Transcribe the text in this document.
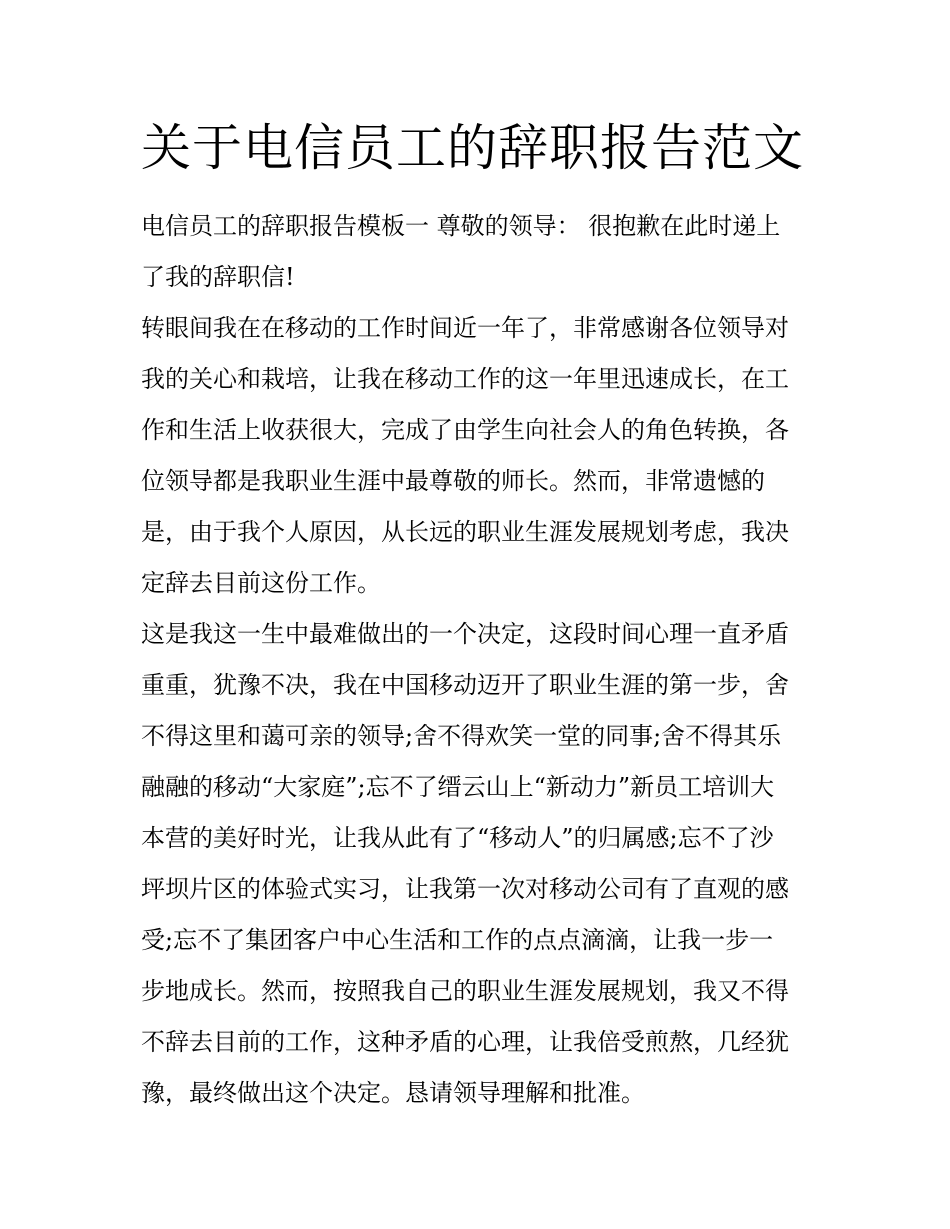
关于电信员工的辞职报告范文

电信员工的辞职报告模板一 尊敬的领导： 很抱歉在此时递上
了我的辞职信!

转眼间我在在移动的工作时间近一年了，非常感谢各位领导对
我的关心和栽培，让我在移动工作的这一年里迅速成长，在工
作和生活上收获很大，完成了由学生向社会人的角色转换，各
位领导都是我职业生涯中最尊敬的师长。然而，非常遗憾的
是，由于我个人原因，从长远的职业生涯发展规划考虑，我决
定辞去目前这份工作。

这是我这一生中最难做出的一个决定，这段时间心理一直矛盾
重重，犹豫不决，我在中国移动迈开了职业生涯的第一步，舍
不得这里和蔼可亲的领导;舍不得欢笑一堂的同事;舍不得其乐
融融的移动“大家庭”;忘不了缙云山上“新动力”新员工培训大
本营的美好时光，让我从此有了“移动人”的归属感;忘不了沙
坪坝片区的体验式实习，让我第一次对移动公司有了直观的感
受;忘不了集团客户中心生活和工作的点点滴滴，让我一步一
步地成长。然而，按照我自己的职业生涯发展规划，我又不得
不辞去目前的工作，这种矛盾的心理，让我倍受煎熬，几经犹
豫，最终做出这个决定。恳请领导理解和批准。
